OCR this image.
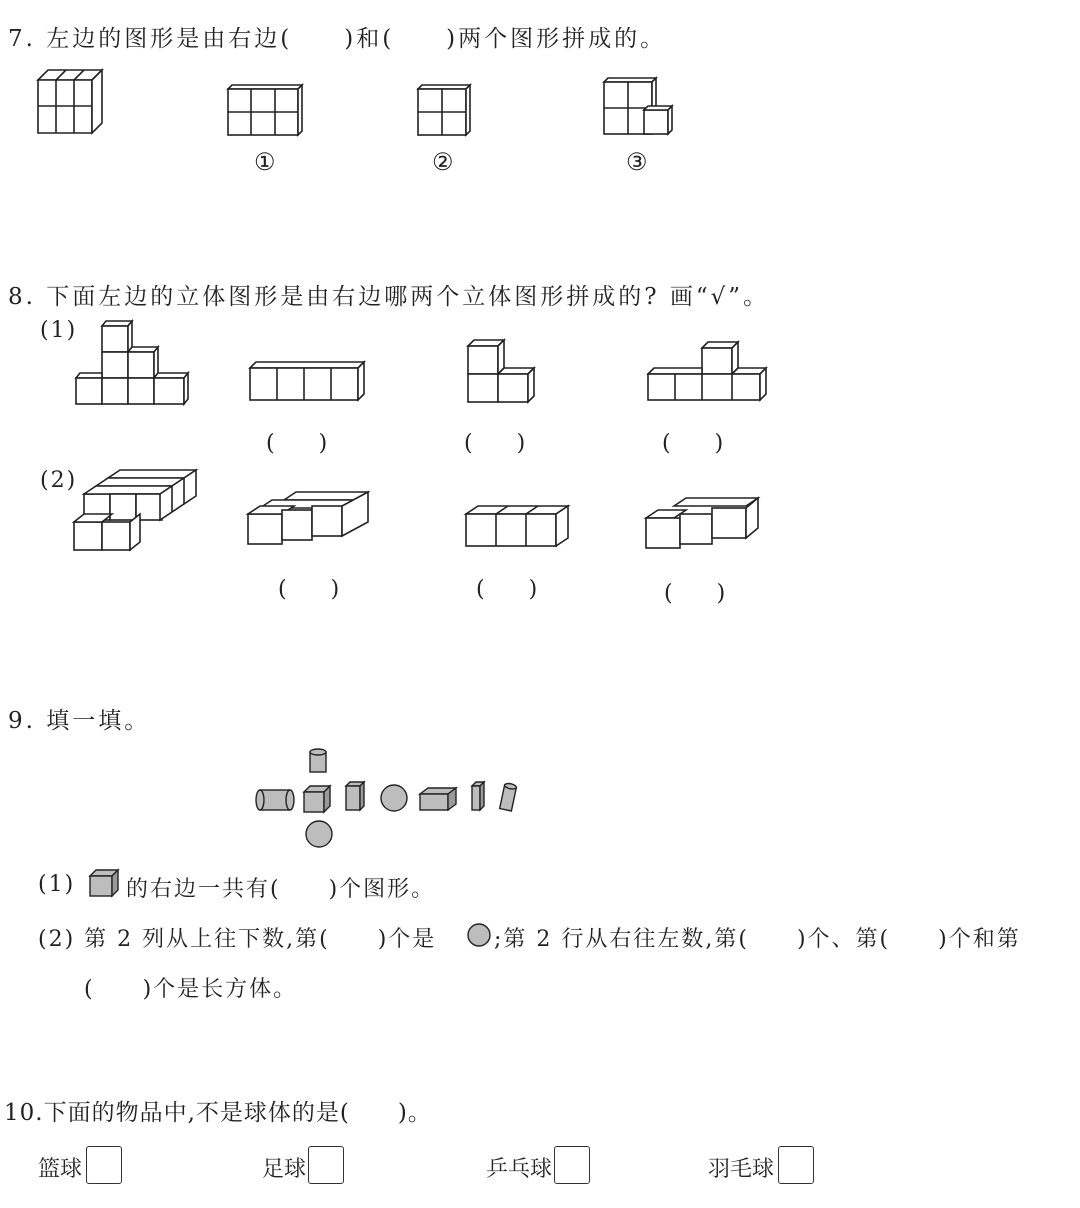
7. 左边的图形是由右边(　　)和(　　)两个图形拼成的。
①	②	③
8. 下面左边的立体图形是由右边哪两个立体图形拼成的? 画“√”。
(1)
(　　)	(　　)	(　　)
(2)
(　　)	(　　)	(　　)
9. 填一填。
(1) 的右边一共有(　　)个图形。
(2) 第 2 列从上往下数,第(　　)个是	;第 2 行从右往左数,第(　　)个、第(　　)个和第
(　　)个是长方体。
10.下面的物品中,不是球体的是(　　)。
篮球	足球	乒乓球	羽毛球
